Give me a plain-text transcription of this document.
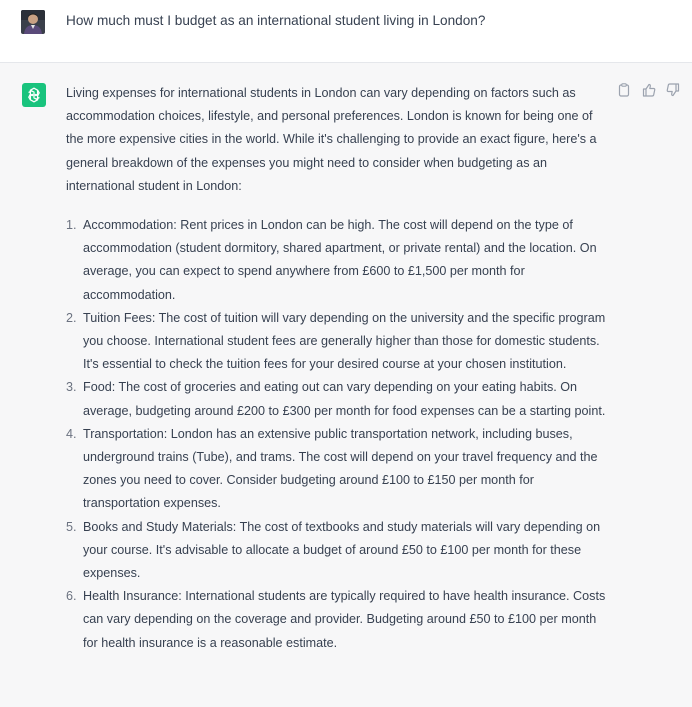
How much must I budget as an international student living in London?

Living expenses for international students in London can vary depending on factors such as accommodation choices, lifestyle, and personal preferences. London is known for being one of the more expensive cities in the world. While it's challenging to provide an exact figure, here's a general breakdown of the expenses you might need to consider when budgeting as an international student in London:

1. Accommodation: Rent prices in London can be high. The cost will depend on the type of accommodation (student dormitory, shared apartment, or private rental) and the location. On average, you can expect to spend anywhere from £600 to £1,500 per month for accommodation.
2. Tuition Fees: The cost of tuition will vary depending on the university and the specific program you choose. International student fees are generally higher than those for domestic students. It's essential to check the tuition fees for your desired course at your chosen institution.
3. Food: The cost of groceries and eating out can vary depending on your eating habits. On average, budgeting around £200 to £300 per month for food expenses can be a starting point.
4. Transportation: London has an extensive public transportation network, including buses, underground trains (Tube), and trams. The cost will depend on your travel frequency and the zones you need to cover. Consider budgeting around £100 to £150 per month for transportation expenses.
5. Books and Study Materials: The cost of textbooks and study materials will vary depending on your course. It's advisable to allocate a budget of around £50 to £100 per month for these expenses.
6. Health Insurance: International students are typically required to have health insurance. Costs can vary depending on the coverage and provider. Budgeting around £50 to £100 per month for health insurance is a reasonable estimate.
